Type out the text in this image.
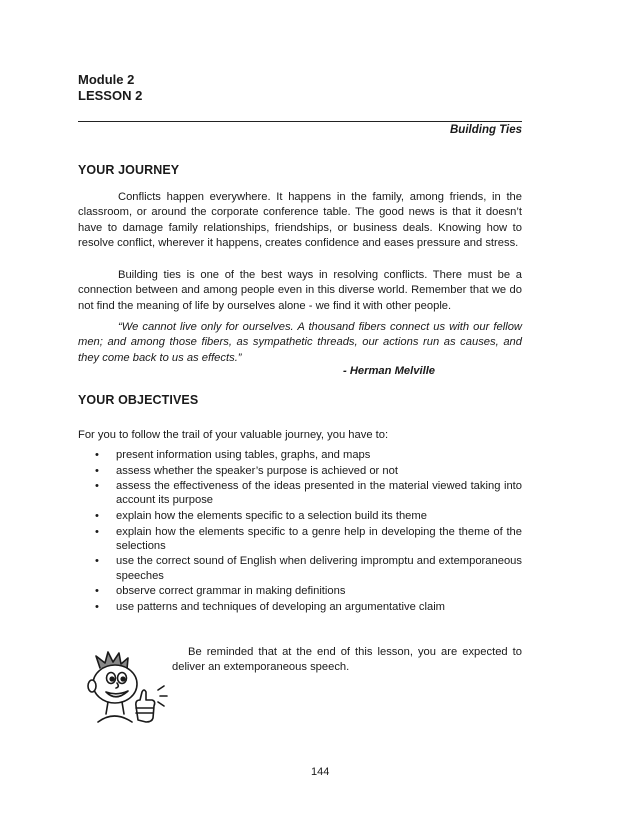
Module 2
LESSON 2
Building Ties
YOUR JOURNEY
Conflicts happen everywhere. It happens in the family, among friends, in the classroom, or around the corporate conference table. The good news is that it doesn’t have to damage family relationships, friendships, or business deals. Knowing how to resolve conflict, wherever it happens, creates confidence and eases pressure and stress.
Building ties is one of the best ways in resolving conflicts. There must be a connection between and among people even in this diverse world. Remember that we do not find the meaning of life by ourselves alone - we find it with other people.
“We cannot live only for ourselves. A thousand fibers connect us with our fellow men; and among those fibers, as sympathetic threads, our actions run as causes, and they come back to us as effects.”
- Herman Melville
YOUR OBJECTIVES
For you to follow the trail of your valuable journey, you have to:
• present information using tables, graphs, and maps
• assess whether the speaker’s purpose is achieved or not
• assess the effectiveness of the ideas presented in the material viewed taking into account its purpose
• explain how the elements specific to a selection build its theme
• explain how the elements specific to a genre help in developing the theme of the selections
• use the correct sound of English when delivering impromptu and extemporaneous speeches
• observe correct grammar in making definitions
• use patterns and techniques of developing an argumentative claim
Be reminded that at the end of this lesson, you are expected to deliver an extemporaneous speech.
144
